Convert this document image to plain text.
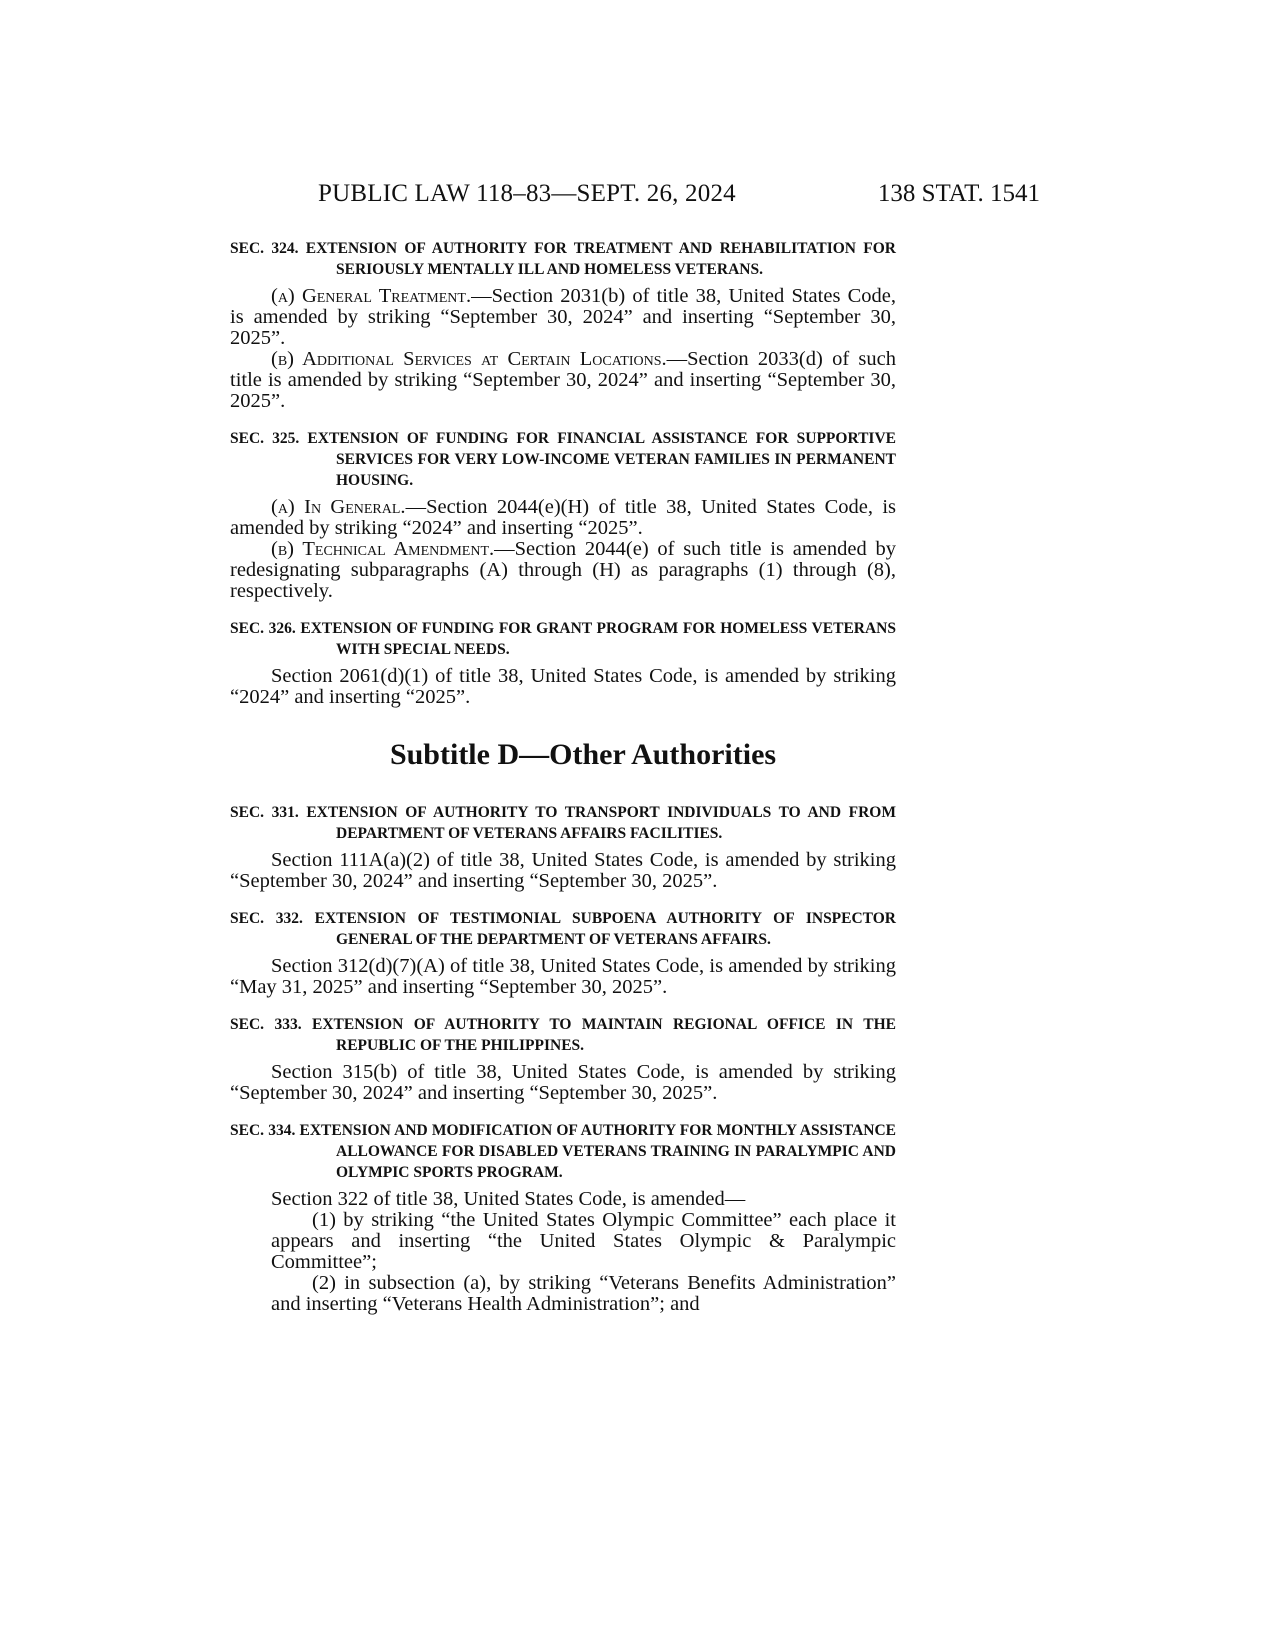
PUBLIC LAW 118–83—SEPT. 26, 2024	138 STAT. 1541
SEC. 324. EXTENSION OF AUTHORITY FOR TREATMENT AND REHABILITATION FOR SERIOUSLY MENTALLY ILL AND HOMELESS VETERANS.

(a) General Treatment.—Section 2031(b) of title 38, United States Code, is amended by striking “September 30, 2024” and inserting “September 30, 2025”.

(b) Additional Services at Certain Locations.—Section 2033(d) of such title is amended by striking “September 30, 2024” and inserting “September 30, 2025”.

SEC. 325. EXTENSION OF FUNDING FOR FINANCIAL ASSISTANCE FOR SUPPORTIVE SERVICES FOR VERY LOW-INCOME VETERAN FAMILIES IN PERMANENT HOUSING.

(a) In General.—Section 2044(e)(H) of title 38, United States Code, is amended by striking “2024” and inserting “2025”.

(b) Technical Amendment.—Section 2044(e) of such title is amended by redesignating subparagraphs (A) through (H) as paragraphs (1) through (8), respectively.

SEC. 326. EXTENSION OF FUNDING FOR GRANT PROGRAM FOR HOMELESS VETERANS WITH SPECIAL NEEDS.

Section 2061(d)(1) of title 38, United States Code, is amended by striking “2024” and inserting “2025”.

Subtitle D—Other Authorities
SEC. 331. EXTENSION OF AUTHORITY TO TRANSPORT INDIVIDUALS TO AND FROM DEPARTMENT OF VETERANS AFFAIRS FACILITIES.

Section 111A(a)(2) of title 38, United States Code, is amended by striking “September 30, 2024” and inserting “September 30, 2025”.

SEC. 332. EXTENSION OF TESTIMONIAL SUBPOENA AUTHORITY OF INSPECTOR GENERAL OF THE DEPARTMENT OF VETERANS AFFAIRS.

Section 312(d)(7)(A) of title 38, United States Code, is amended by striking “May 31, 2025” and inserting “September 30, 2025”.

SEC. 333. EXTENSION OF AUTHORITY TO MAINTAIN REGIONAL OFFICE IN THE REPUBLIC OF THE PHILIPPINES.

Section 315(b) of title 38, United States Code, is amended by striking “September 30, 2024” and inserting “September 30, 2025”.

SEC. 334. EXTENSION AND MODIFICATION OF AUTHORITY FOR MONTHLY ASSISTANCE ALLOWANCE FOR DISABLED VETERANS TRAINING IN PARALYMPIC AND OLYMPIC SPORTS PROGRAM.

Section 322 of title 38, United States Code, is amended—

(1) by striking “the United States Olympic Committee” each place it appears and inserting “the United States Olympic & Paralympic Committee”;

(2) in subsection (a), by striking “Veterans Benefits Administration” and inserting “Veterans Health Administration”; and
